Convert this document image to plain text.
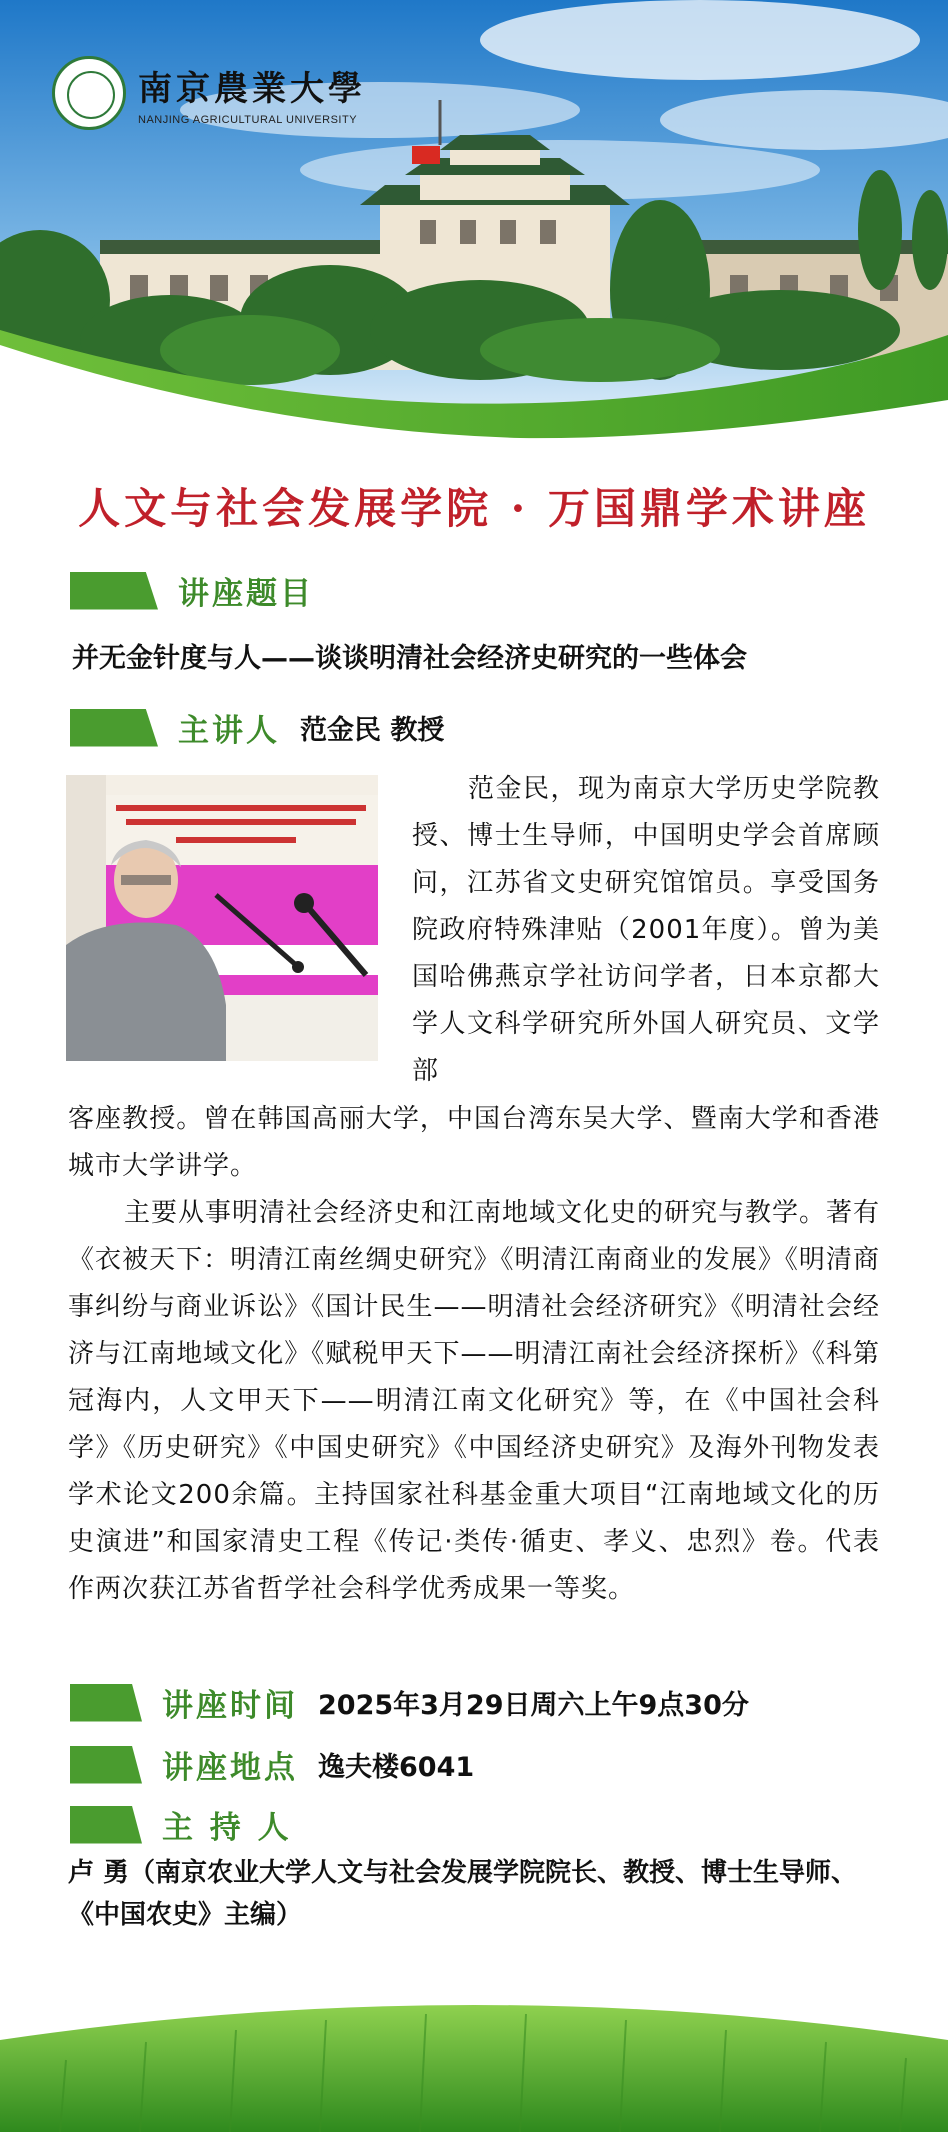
南京農業大學
NANJING AGRICULTURAL UNIVERSITY
人文与社会发展学院 · 万国鼎学术讲座
讲座题目
并无金针度与人——谈谈明清社会经济史研究的一些体会
主讲人 范金民 教授
范金民，现为南京大学历史学院教授、博士生导师，中国明史学会首席顾问，江苏省文史研究馆馆员。享受国务院政府特殊津贴（2001年度）。曾为美国哈佛燕京学社访问学者，日本京都大学人文科学研究所外国人研究员、文学部
客座教授。曾在韩国高丽大学，中国台湾东吴大学、暨南大学和香港城市大学讲学。
主要从事明清社会经济史和江南地域文化史的研究与教学。著有《衣被天下：明清江南丝绸史研究》《明清江南商业的发展》《明清商事纠纷与商业诉讼》《国计民生——明清社会经济研究》《明清社会经济与江南地域文化》《赋税甲天下——明清江南社会经济探析》《科第冠海内，人文甲天下——明清江南文化研究》等，在《中国社会科学》《历史研究》《中国史研究》《中国经济史研究》及海外刊物发表学术论文200余篇。主持国家社科基金重大项目“江南地域文化的历史演进”和国家清史工程《传记·类传·循吏、孝义、忠烈》卷。代表作两次获江苏省哲学社会科学优秀成果一等奖。
讲座时间 2025年3月29日周六上午9点30分
讲座地点 逸夫楼6041
主 持 人
卢 勇（南京农业大学人文与社会发展学院院长、教授、博士生导师、《中国农史》主编）
